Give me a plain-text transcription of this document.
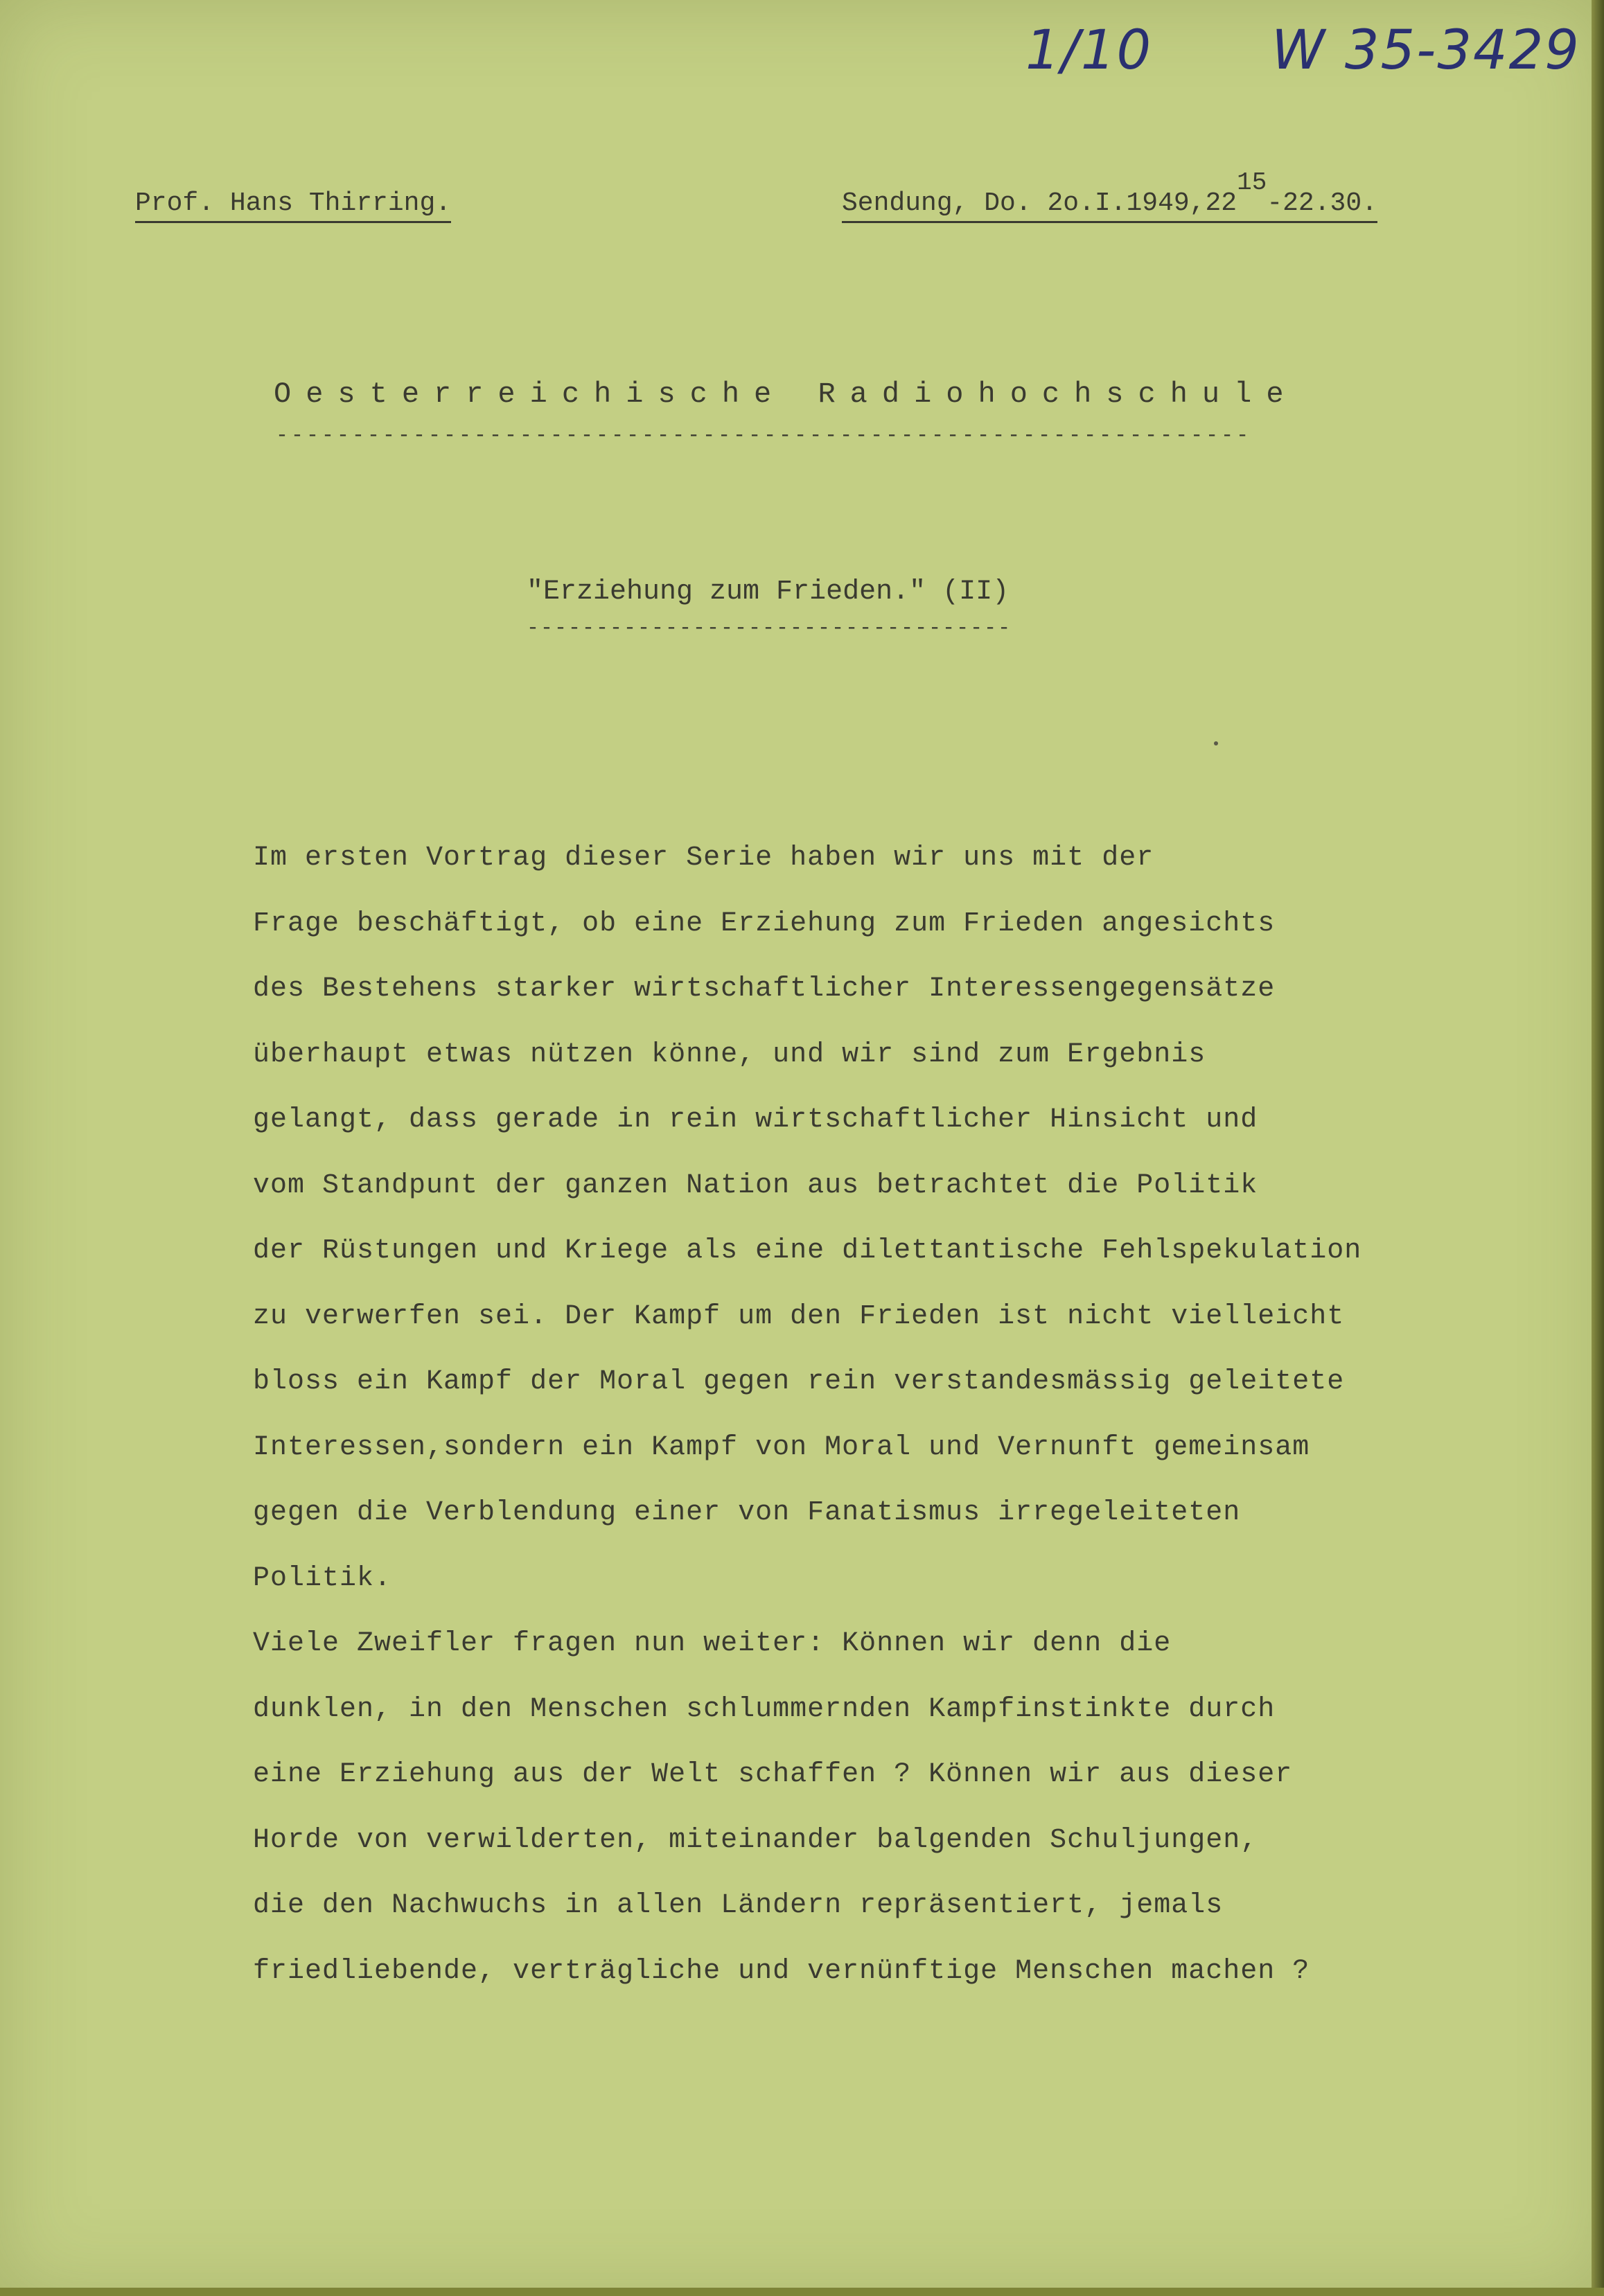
1/10 W 35-3429
Prof. Hans Thirring.	Sendung, Do. 2o.I.1949,22$^{15}$-22.30.
Oesterreichische Radiohochschule
----------------------------------------------------------------
"Erziehung zum Frieden." (II)
-----------------------------------
Im ersten Vortrag dieser Serie haben wir uns mit der
Frage beschäftigt, ob eine Erziehung zum Frieden angesichts
des Bestehens starker wirtschaftlicher Interessengegensätze
überhaupt etwas nützen könne, und wir sind zum Ergebnis
gelangt, dass gerade in rein wirtschaftlicher Hinsicht und
vom Standpunt der ganzen Nation aus betrachtet die Politik
der Rüstungen und Kriege als eine dilettantische Fehlspekulation
zu verwerfen sei. Der Kampf um den Frieden ist nicht vielleicht
bloss ein Kampf der Moral gegen rein verstandesmässig geleitete
Interessen,sondern ein Kampf von Moral und Vernunft gemeinsam
gegen die Verblendung einer von Fanatismus irregeleiteten
Politik.
Viele Zweifler fragen nun weiter: Können wir denn die
dunklen, in den Menschen schlummernden Kampfinstinkte durch
eine Erziehung aus der Welt schaffen ? Können wir aus dieser
Horde von verwilderten, miteinander balgenden Schuljungen,
die den Nachwuchs in allen Ländern repräsentiert, jemals
friedliebende, verträgliche und vernünftige Menschen machen ?
